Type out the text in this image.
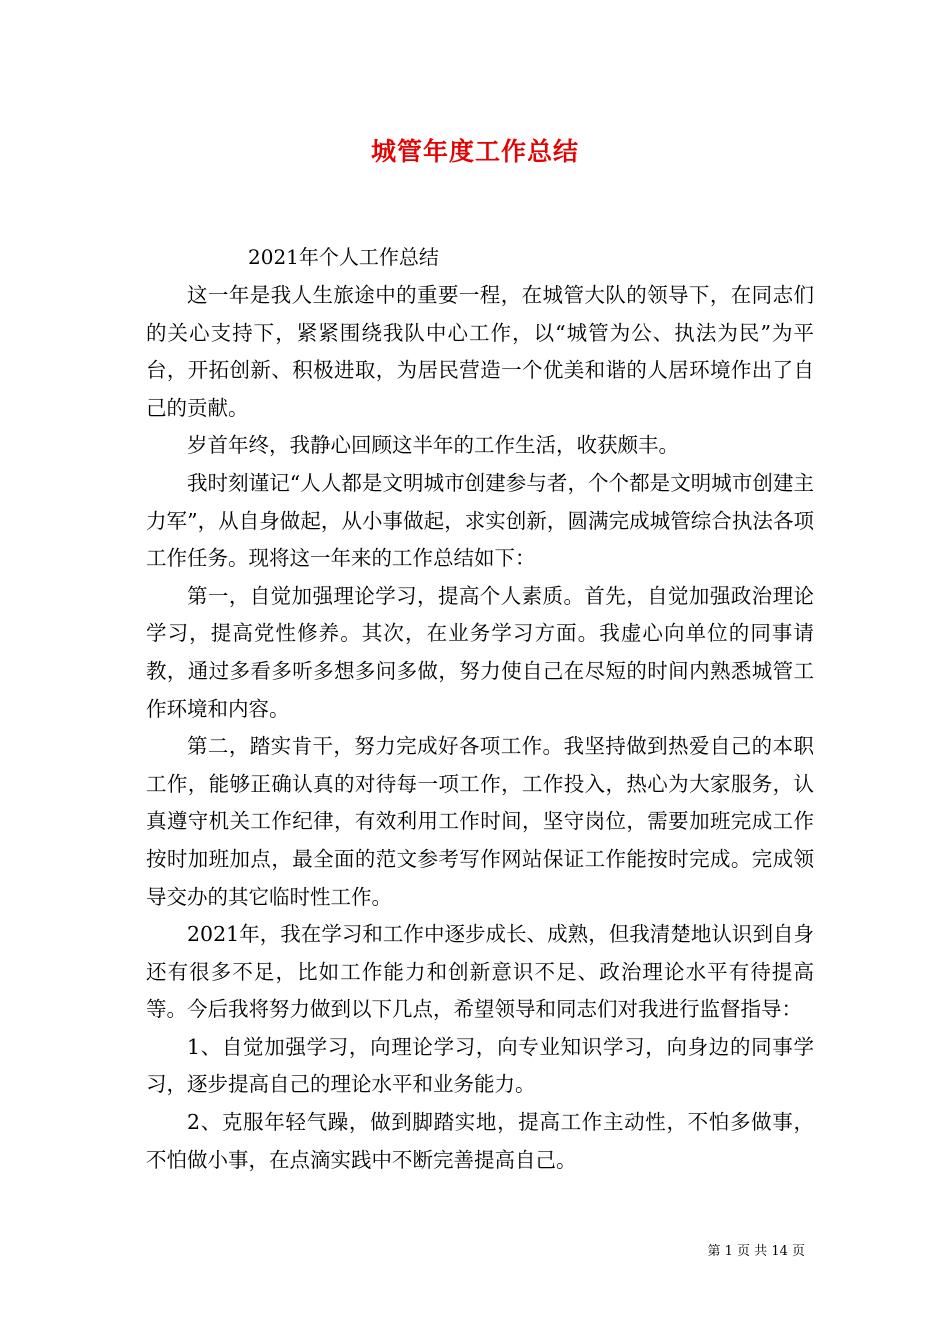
城管年度工作总结
2021年个人工作总结

这一年是我人生旅途中的重要一程，在城管大队的领导下，在同志们的关心支持下，紧紧围绕我队中心工作，以“城管为公、执法为民”为平台，开拓创新、积极进取，为居民营造一个优美和谐的人居环境作出了自己的贡献。

岁首年终，我静心回顾这半年的工作生活，收获颇丰。

我时刻谨记“人人都是文明城市创建参与者，个个都是文明城市创建主力军”，从自身做起，从小事做起，求实创新，圆满完成城管综合执法各项工作任务。现将这一年来的工作总结如下：

第一，自觉加强理论学习，提高个人素质。首先，自觉加强政治理论学习，提高党性修养。其次，在业务学习方面。我虚心向单位的同事请教，通过多看多听多想多问多做，努力使自己在尽短的时间内熟悉城管工作环境和内容。

第二，踏实肯干，努力完成好各项工作。我坚持做到热爱自己的本职工作，能够正确认真的对待每一项工作，工作投入，热心为大家服务，认真遵守机关工作纪律，有效利用工作时间，坚守岗位，需要加班完成工作按时加班加点，最全面的范文参考写作网站保证工作能按时完成。完成领导交办的其它临时性工作。

2021年，我在学习和工作中逐步成长、成熟，但我清楚地认识到自身还有很多不足，比如工作能力和创新意识不足、政治理论水平有待提高等。今后我将努力做到以下几点，希望领导和同志们对我进行监督指导：

1、自觉加强学习，向理论学习，向专业知识学习，向身边的同事学习，逐步提高自己的理论水平和业务能力。

2、克服年轻气躁，做到脚踏实地，提高工作主动性，不怕多做事，不怕做小事，在点滴实践中不断完善提高自己。

第 1 页 共 14 页
